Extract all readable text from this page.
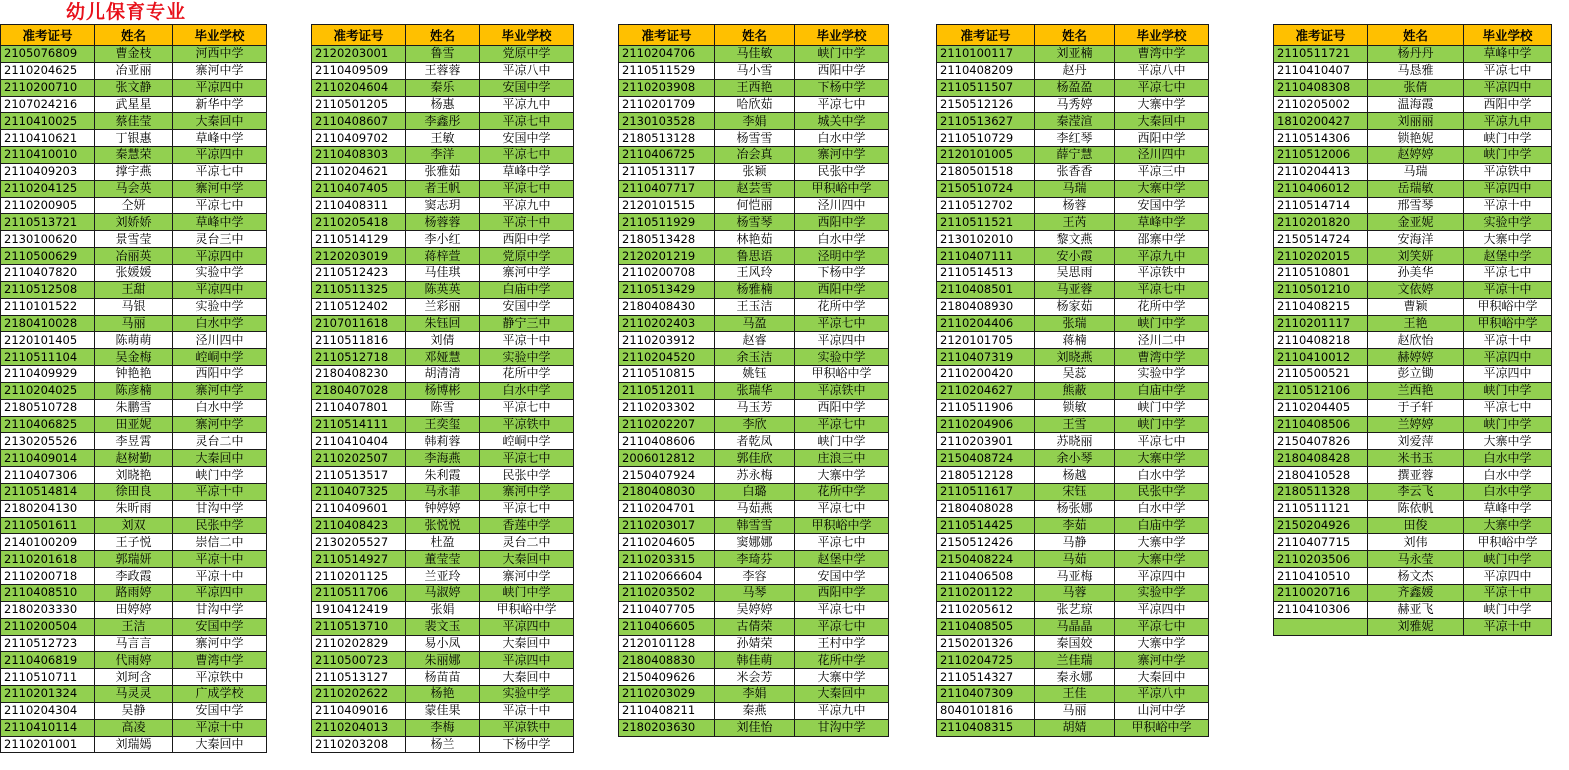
幼儿保育专业
准考证号	姓名	毕业学校
2105076809	曹金枝	河西中学
2110204625	冶亚丽	寨河中学
2110200710	张文静	平凉四中
2107024216	武星星	新华中学
2110410025	蔡佳莹	大秦回中
2110410621	丁银惠	草峰中学
2110410010	秦慧荣	平凉四中
2110409203	撑宇燕	平凉七中
2110204125	马会英	寨河中学
2110200905	仝妍	平凉七中
2110513721	刘娇娇	草峰中学
2130100620	景雪莹	灵台三中
2110500629	冶丽英	平凉四中
2110407820	张媛媛	实验中学
2110512508	王甜	平凉四中
2110101522	马银	实验中学
2180410028	马丽	白水中学
2120101405	陈萌萌	泾川四中
2110511104	吴金梅	崆峒中学
2110409929	钟艳艳	西阳中学
2110204025	陈彦楠	寨河中学
2180510728	朱鹏雪	白水中学
2110406825	田亚妮	寨河中学
2130205526	李昱霄	灵台二中
2110409014	赵树勤	大秦回中
2110407306	刘晓艳	峡门中学
2110514814	徐田良	平凉十中
2180204130	朱昕雨	甘沟中学
2110501611	刘双	民张中学
2140100209	王子悦	崇信二中
2110201618	郭瑞妍	平凉十中
2110200718	李政霞	平凉十中
2110408510	路雨婷	平凉四中
2180203330	田婷婷	甘沟中学
2110200504	王洁	安国中学
2110512723	马言言	寨河中学
2110406819	代雨婷	曹湾中学
2110510711	刘珂含	平凉铁中
2110201324	马灵灵	广成学校
2110204304	吴静	安国中学
2110410114	高凌	平凉十中
2110201001	刘瑞嫣	大秦回中
准考证号	姓名	毕业学校
2120203001	鲁雪	党原中学
2110409509	王蓉蓉	平凉八中
2110204604	秦乐	安国中学
2110501205	杨惠	平凉九中
2110408607	李鑫彤	平凉七中
2110409702	王敏	安国中学
2110408303	李洋	平凉七中
2110204621	张雅茹	草峰中学
2110407405	者王帆	平凉七中
2110408311	窦志玥	平凉九中
2110205418	杨蓉蓉	平凉十中
2110514129	李小红	西阳中学
2120203019	蒋梓萱	党原中学
2110512423	马佳琪	寨河中学
2110511325	陈英英	白庙中学
2110512402	兰彩丽	安国中学
2107011618	朱钰回	静宁三中
2110511816	刘倩	平凉十中
2110512718	邓娅慧	实验中学
2180408230	胡清清	花所中学
2180407028	杨博彬	白水中学
2110407801	陈雪	平凉七中
2110514111	王奕玺	平凉铁中
2110410404	韩莉蓉	崆峒中学
2110202507	李海燕	平凉七中
2110513517	朱利霞	民张中学
2110407325	马永菲	寨河中学
2110409601	钟婷婷	平凉七中
2110408423	张悦悦	香莲中学
2130205527	杜盈	灵台二中
2110514927	董莹莹	大秦回中
2110201125	兰亚玲	寨河中学
2110511706	马淑婷	峡门中学
1910412419	张娟	甲积峪中学
2110513710	裴文玉	平凉四中
2110202829	易小凤	大秦回中
2110500723	朱丽娜	平凉四中
2110513127	杨苗苗	大秦回中
2110202622	杨艳	实验中学
2110409016	蒙佳果	平凉十中
2110204013	李梅	平凉铁中
2110203208	杨兰	下杨中学
准考证号	姓名	毕业学校
2110204706	马佳敏	峡门中学
2110511529	马小雪	西阳中学
2110203908	王西艳	下杨中学
2110201709	哈欣茹	平凉七中
2130103528	李娟	城关中学
2180513128	杨雪雪	白水中学
2110406725	冶会真	寨河中学
2110513117	张颖	民张中学
2110407717	赵芸雪	甲积峪中学
2120101515	何恺丽	泾川四中
2110511929	杨雪琴	西阳中学
2180513428	林艳茹	白水中学
2120201219	鲁思语	泾明中学
2110200708	王风玲	下杨中学
2110513429	杨雅楠	西阳中学
2180408430	王玉洁	花所中学
2110202403	马盈	平凉七中
2110203912	赵睿	平凉四中
2110204520	余玉洁	实验中学
2110510815	姚钰	甲积峪中学
2110512011	张瑞华	平凉铁中
2110203302	马玉芳	西阳中学
2110202207	李欣	平凉七中
2110408606	者乾凤	峡门中学
2006012812	郭佳欣	庄浪三中
2150407924	苏永梅	大寨中学
2180408030	白璐	花所中学
2110204701	马茹燕	平凉七中
2110203017	韩雪雪	甲积峪中学
2110204605	窦娜娜	平凉七中
2110203315	李琦芬	赵堡中学
21102066604	李容	安国中学
2110203502	马琴	西阳中学
2110407705	吴婷婷	平凉七中
2110406605	古倩荣	平凉七中
2120101128	孙婧荣	王村中学
2180408830	韩佳萌	花所中学
2150409626	米会芳	大寨中学
2110203029	李娟	大秦回中
2110408211	秦燕	平凉九中
2180203630	刘佳怡	甘沟中学
准考证号	姓名	毕业学校
2110100117	刘亚楠	曹湾中学
2110408209	赵丹	平凉八中
2110511507	杨盈盈	平凉七中
2150512126	马秀婷	大寨中学
2110513627	秦滢渲	大秦回中
2110510729	李红琴	西阳中学
2120101005	薛宁慧	泾川四中
2180501518	张香香	平凉三中
2150510724	马瑞	大寨中学
2110512702	杨蓉	安国中学
2110511521	王芮	草峰中学
2130102010	黎文燕	邵寨中学
2110407111	安小霞	平凉九中
2110514513	吴思雨	平凉铁中
2110408501	马亚蓉	平凉七中
2180408930	杨家茹	花所中学
2110204406	张瑞	峡门中学
2120101705	蒋楠	泾川二中
2110407319	刘晓燕	曹湾中学
2110200420	吴蕊	实验中学
2110204627	熊蔽	白庙中学
2110511906	锁敏	峡门中学
2110204906	王雪	峡门中学
2110203901	苏晓丽	平凉七中
2150408724	余小琴	大寨中学
2180512128	杨越	白水中学
2110511617	宋钰	民张中学
2180408028	杨张娜	白水中学
2110514425	李茹	白庙中学
2150512426	马静	大寨中学
2150408224	马茹	大寨中学
2110406508	马亚梅	平凉四中
2110201122	马蓉	实验中学
2110205612	张艺琼	平凉四中
2110408505	马晶晶	平凉七中
2150201326	秦国姣	大寨中学
2110204725	兰佳瑞	寨河中学
2110514327	秦永娜	大秦回中
2110407309	王佳	平凉八中
8040101816	马丽	山河中学
2110408315	胡婧	甲积峪中学
准考证号	姓名	毕业学校
2110511721	杨丹丹	草峰中学
2110410407	马恳雅	平凉七中
2110408308	张倩	平凉四中
2110205002	温海霞	西阳中学
1810200427	刘丽丽	平凉九中
2110514306	锁艳妮	峡门中学
2110512006	赵婷婷	峡门中学
2110204413	马瑞	平凉铁中
2110406012	岳瑞敏	平凉四中
2110514714	邢雪琴	平凉十中
2110201820	金亚妮	实验中学
2150514724	安海洋	大寨中学
2110202015	刘笑妍	赵堡中学
2110510801	孙美华	平凉七中
2110501210	文依婷	平凉十中
2110408215	曹颖	甲积峪中学
2110201117	王艳	甲积峪中学
2110408218	赵欣怡	平凉十中
2110410012	赫婷婷	平凉四中
2110500521	彭立锄	平凉四中
2110512106	兰西艳	峡门中学
2110204405	于子轩	平凉七中
2110408506	兰婷婷	峡门中学
2150407826	刘爱萍	大寨中学
2180408428	米书玉	白水中学
2180410528	撰亚蓉	白水中学
2180511328	李云飞	白水中学
2110511121	陈依帆	草峰中学
2150204926	田俊	大寨中学
2110407715	刘伟	甲积峪中学
2110203506	马永莹	峡门中学
2110410510	杨文杰	平凉四中
2110020716	齐鑫媛	平凉十中
2110410306	赫亚飞	峡门中学
	刘雅妮	平凉十中
